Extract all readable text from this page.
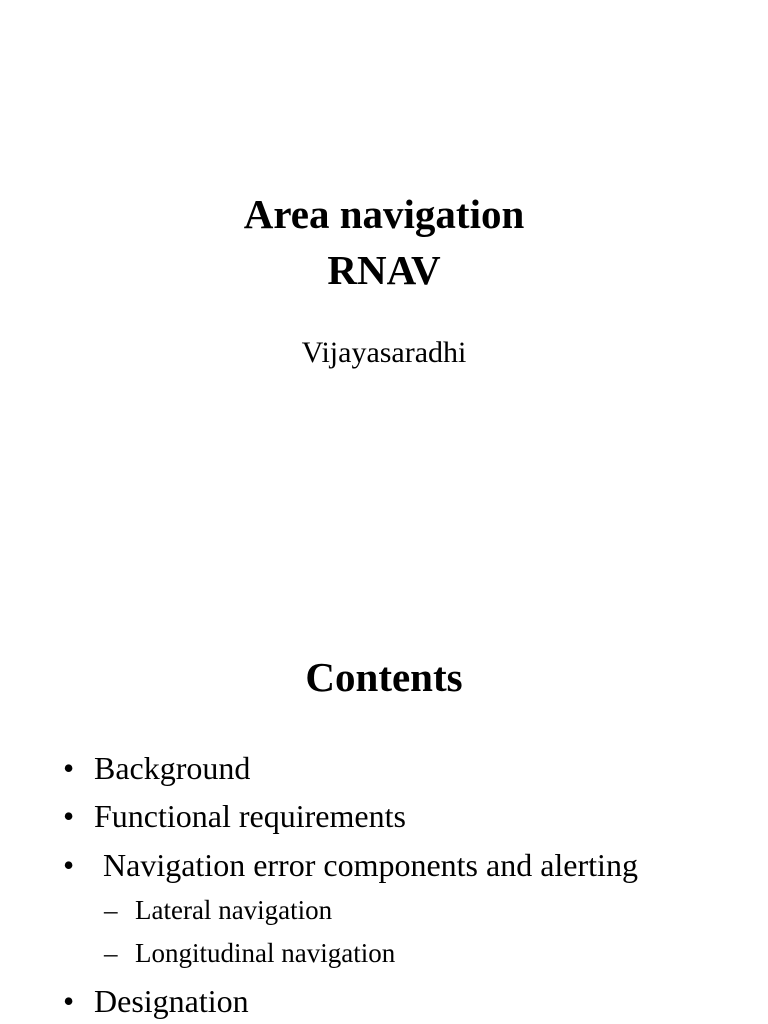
Area navigation
RNAV

Vijayasaradhi

Contents
• Background
• Functional requirements
• Navigation error components and alerting
– Lateral navigation
– Longitudinal navigation
• Designation
